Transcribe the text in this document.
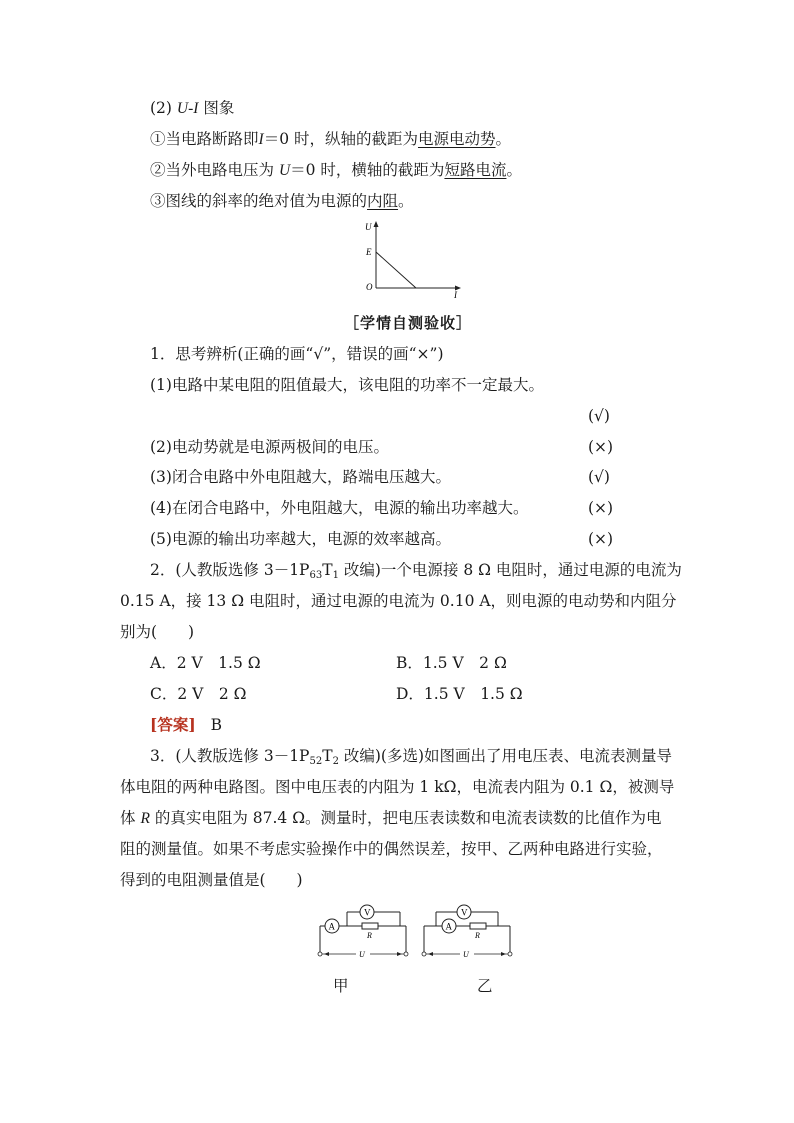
(2) U-I 图象
①当电路断路即I＝0 时，纵轴的截距为电源电动势。
②当外电路电压为 U＝0 时，横轴的截距为短路电流。
③图线的斜率的绝对值为电源的内阻。
U
E
O
I
［学情自测验收］
1．思考辨析(正确的画“√”，错误的画“×”)
(1)电路中某电阻的阻值最大，该电阻的功率不一定最大。
(√)
(2)电动势就是电源两极间的电压。	(×)
(3)闭合电路中外电阻越大，路端电压越大。	(√)
(4)在闭合电路中，外电阻越大，电源的输出功率越大。	(×)
(5)电源的输出功率越大，电源的效率越高。	(×)
2．(人教版选修 $3-1P_{63}T_1$ 改编)一个电源接 8 Ω 电阻时，通过电源的电流为
0.15 A，接 13 Ω 电阻时，通过电源的电流为 0.10 A，则电源的电动势和内阻分
别为(　　)
A．2 V　1.5 Ω	B．1.5 V　2 Ω
C．2 V　2 Ω	D．1.5 V　1.5 Ω
[答案] B
3．(人教版选修 $3-1P_{52}T_2$ 改编)(多选)如图画出了用电压表、电流表测量导
体电阻的两种电路图。图中电压表的内阻为 1 kΩ，电流表内阻为 0.1 Ω，被测导
体 R 的真实电阻为 87.4 Ω。测量时，把电压表读数和电流表读数的比值作为电
阻的测量值。如果不考虑实验操作中的偶然误差，按甲、乙两种电路进行实验，
得到的电阻测量值是(　　)
V
A
R
U
V
A
R
U
甲	乙
